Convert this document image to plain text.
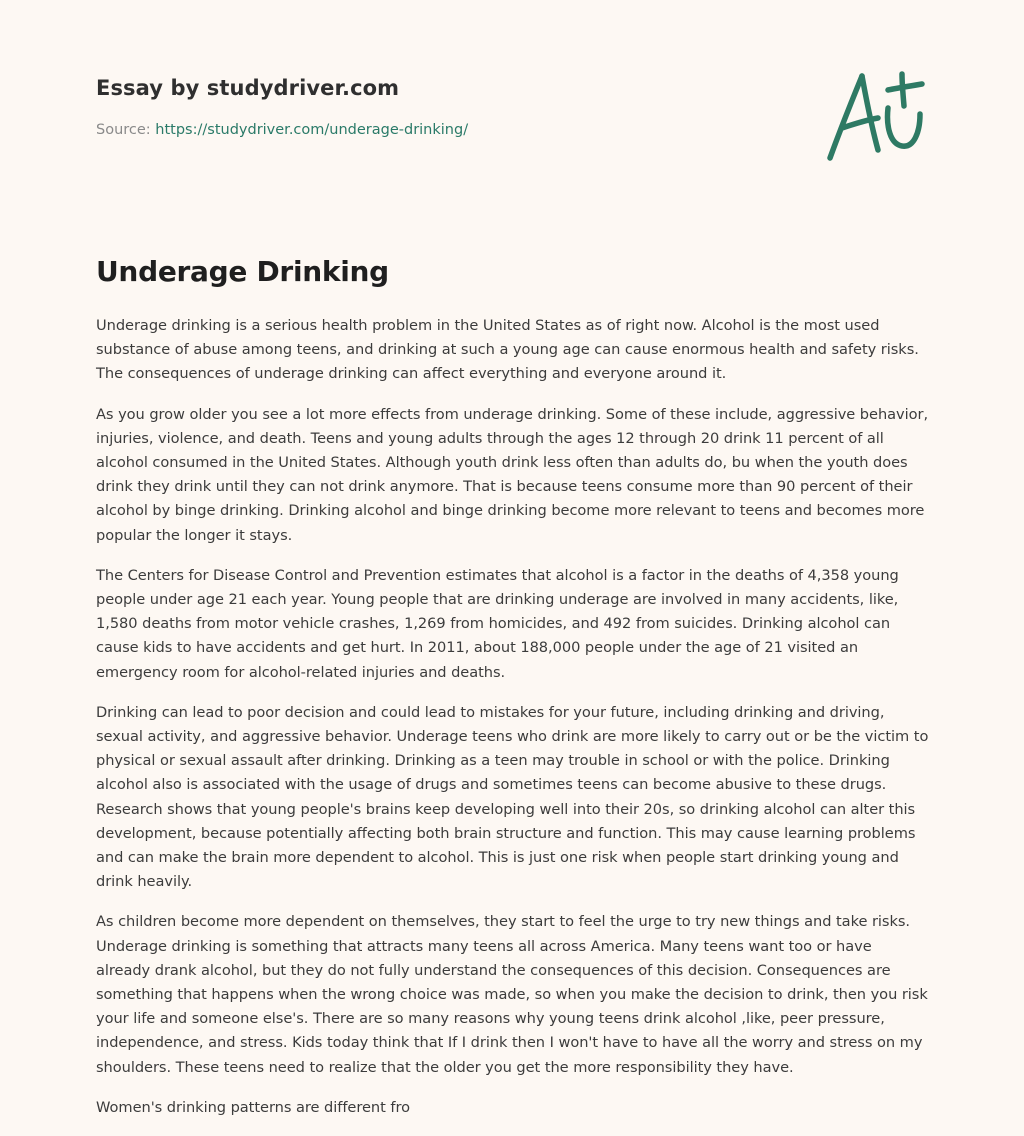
Essay by studydriver.com
Source: https://studydriver.com/underage-drinking/
Underage Drinking

Underage drinking is a serious health problem in the United States as of right now. Alcohol is the most used substance of abuse among teens, and drinking at such a young age can cause enormous health and safety risks. The consequences of underage drinking can affect everything and everyone around it.

As you grow older you see a lot more effects from underage drinking. Some of these include, aggressive behavior, injuries, violence, and death. Teens and young adults through the ages 12 through 20 drink 11 percent of all alcohol consumed in the United States. Although youth drink less often than adults do, bu when the youth does drink they drink until they can not drink anymore. That is because teens consume more than 90 percent of their alcohol by binge drinking. Drinking alcohol and binge drinking become more relevant to teens and becomes more popular the longer it stays.

The Centers for Disease Control and Prevention estimates that alcohol is a factor in the deaths of 4,358 young people under age 21 each year. Young people that are drinking underage are involved in many accidents, like, 1,580 deaths from motor vehicle crashes, 1,269 from homicides, and 492 from suicides. Drinking alcohol can cause kids to have accidents and get hurt. In 2011, about 188,000 people under the age of 21 visited an emergency room for alcohol-related injuries and deaths.

Drinking can lead to poor decision and could lead to mistakes for your future, including drinking and driving, sexual activity, and aggressive behavior. Underage teens who drink are more likely to carry out or be the victim to physical or sexual assault after drinking. Drinking as a teen may trouble in school or with the police. Drinking alcohol also is associated with the usage of drugs and sometimes teens can become abusive to these drugs. Research shows that young people's brains keep developing well into their 20s, so drinking alcohol can alter this development, because potentially affecting both brain structure and function. This may cause learning problems and can make the brain more dependent to alcohol. This is just one risk when people start drinking young and drink heavily.

As children become more dependent on themselves, they start to feel the urge to try new things and take risks. Underage drinking is something that attracts many teens all across America. Many teens want too or have already drank alcohol, but they do not fully understand the consequences of this decision. Consequences are something that happens when the wrong choice was made, so when you make the decision to drink, then you risk your life and someone else's. There are so many reasons why young teens drink alcohol ,like, peer pressure, independence, and stress. Kids today think that If I drink then I won't have to have all the worry and stress on my shoulders. These teens need to realize that the older you get the more responsibility they have.

Women's drinking patterns are different fro
